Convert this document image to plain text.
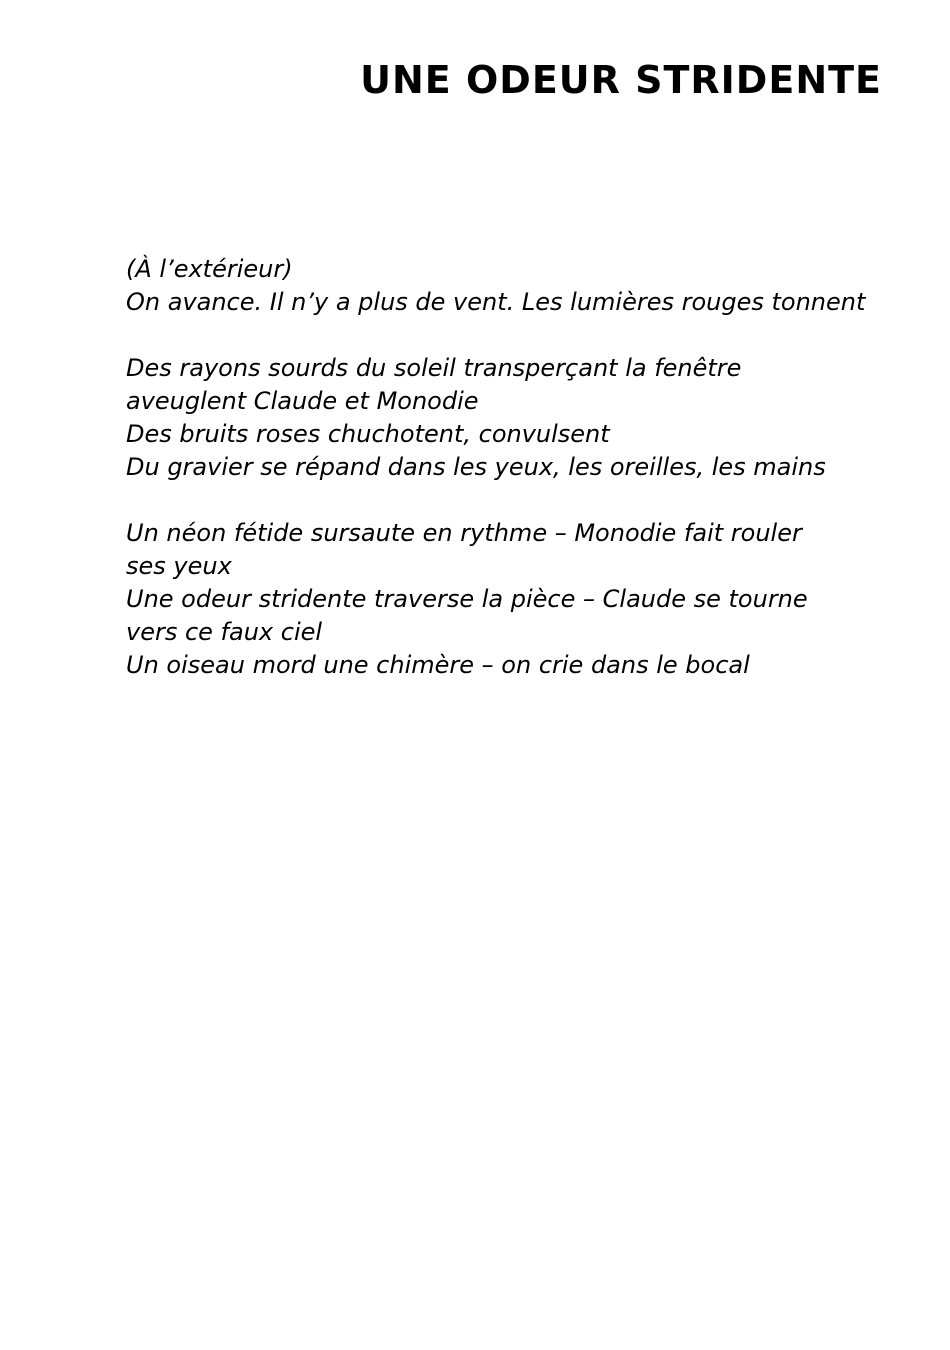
UNE ODEUR STRIDENTE
(À l’extérieur)
On avance. Il n’y a plus de vent. Les lumières rouges tonnent
Des rayons sourds du soleil transperçant la fenêtre
aveuglent Claude et Monodie
Des bruits roses chuchotent, convulsent
Du gravier se répand dans les yeux, les oreilles, les mains
Un néon fétide sursaute en rythme – Monodie fait rouler
ses yeux
Une odeur stridente traverse la pièce – Claude se tourne
vers ce faux ciel
Un oiseau mord une chimère – on crie dans le bocal
